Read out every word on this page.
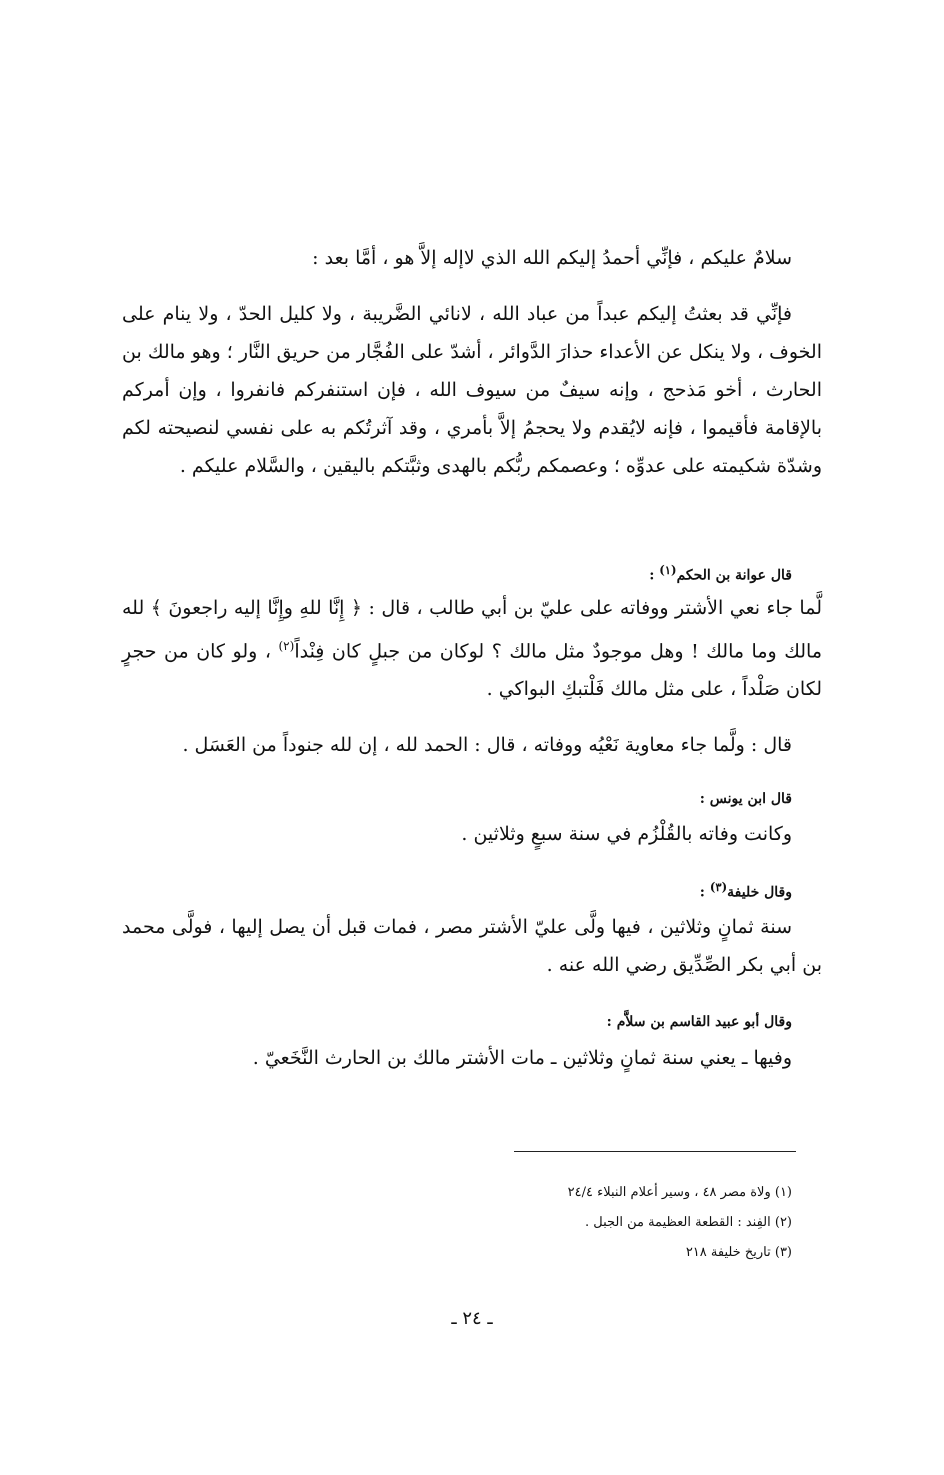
سلامٌ عليكم ، فإنِّي أحمدُ إليكم الله الذي لاإله إلاَّ هو ، أمَّا بعد :
فإنِّي قد بعثتُ إليكم عبداً من عباد الله ، لانائي الضَّريبة ، ولا كليل الحدّ ، ولا ينام على الخوف ، ولا ينكل عن الأعداء حذارَ الدَّوائر ، أشدّ على الفُجَّار من حريق النَّار ؛ وهو مالك بن الحارث ، أخو مَذحج ، وإنه سيفٌ من سيوف الله ، فإن استنفركم فانفروا ، وإن أمركم بالإقامة فأقيموا ، فإنه لايُقدم ولا يحجمُ إلاَّ بأمري ، وقد آثرتُكم به على نفسي لنصيحته لكم وشدّة شكيمته على عدوِّه ؛ وعصمكم ربُّكم بالهدى وثبَّتكم باليقين ، والسَّلام عليكم .
قال عوانة بن الحكم$^{(١)}$ :
لَّما جاء نعي الأشتر ووفاته على عليّ بن أبي طالب ، قال : ﴿ إِنَّا للهِ وإِنَّا إليه راجعونَ ﴾ لله مالك وما مالك ! وهل موجودٌ مثل مالك ؟ لوكان من جبلٍ كان فِنْداً$^{(٢)}$ ، ولو كان من حجرٍ لكان صَلْداً ، على مثل مالك فَلْتبكِ البواكي .
قال : ولَّما جاء معاوية نَعْيُه ووفاته ، قال : الحمد لله ، إن لله جنوداً من العَسَل .
قال ابن يونس :
وكانت وفاته بالقُلْزُم في سنة سبعٍ وثلاثين .
وقال خليفة$^{(٣)}$ :
سنة ثمانٍ وثلاثين ، فيها ولَّى عليّ الأشتر مصر ، فمات قبل أن يصل إليها ، فولَّى محمد بن أبي بكر الصِّدِّيق رضي الله عنه .
وقال أبو عبيد القاسم بن سلاَّم :
وفيها ـ يعني سنة ثمانٍ وثلاثين ـ مات الأشتر مالك بن الحارث النَّخَعيّ .
(١) ولاة مصر ٤٨ ، وسير أعلام النبلاء ٢٤/٤
(٢) الفِند : القطعة العظيمة من الجبل .
(٣) تاريخ خليفة ٢١٨
ـ ٢٤ ـ
